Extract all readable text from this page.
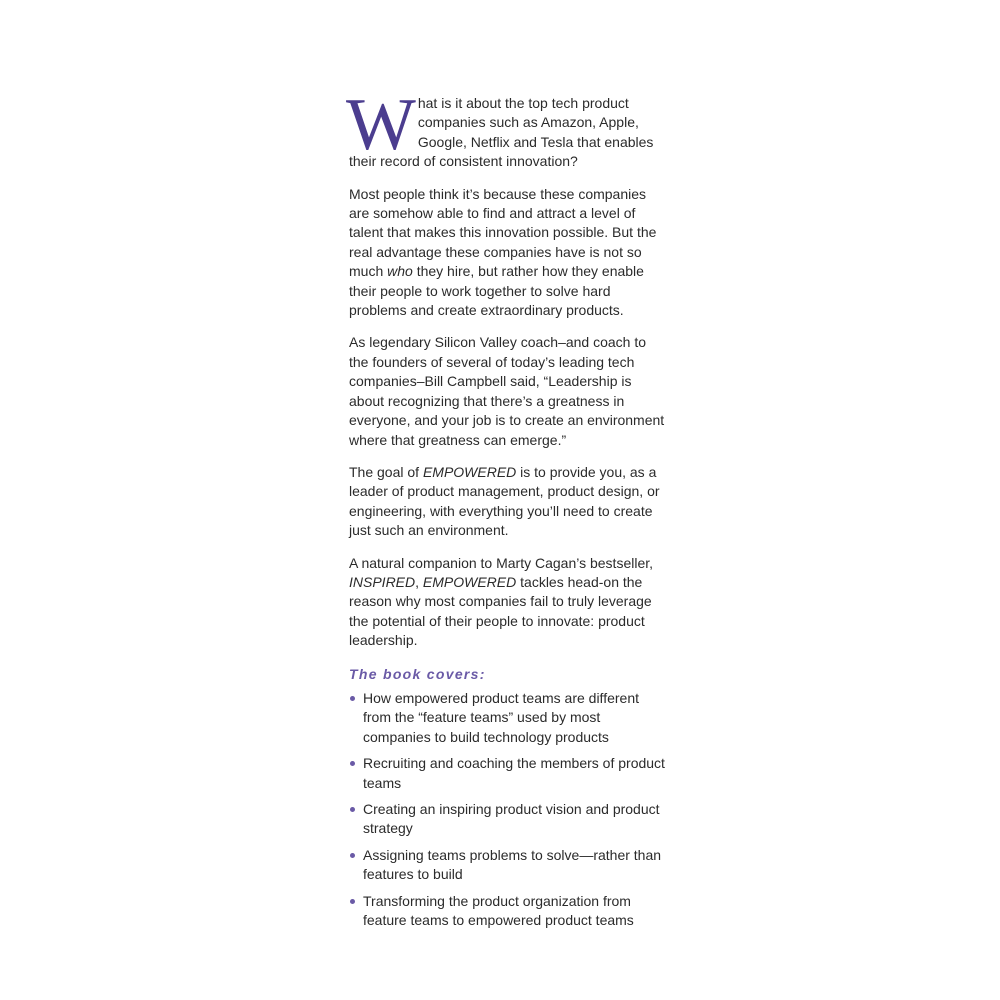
What is it about the top tech product companies such as Amazon, Apple, Google, Netflix and Tesla that enables their record of consistent innovation?

Most people think it’s because these companies are somehow able to find and attract a level of talent that makes this innovation possible. But the real advantage these companies have is not so much who they hire, but rather how they enable their people to work together to solve hard problems and create extraordinary products.

As legendary Silicon Valley coach–and coach to the founders of several of today’s leading tech companies–Bill Campbell said, “Leadership is about recognizing that there’s a greatness in everyone, and your job is to create an environment where that greatness can emerge.”

The goal of EMPOWERED is to provide you, as a leader of product management, product design, or engineering, with everything you’ll need to create just such an environment.

A natural companion to Marty Cagan’s bestseller, INSPIRED, EMPOWERED tackles head-on the reason why most companies fail to truly leverage the potential of their people to innovate: product leadership.

The book covers:
How empowered product teams are different from the “feature teams” used by most companies to build technology products
Recruiting and coaching the members of product teams
Creating an inspiring product vision and product strategy
Assigning teams problems to solve—rather than features to build
Transforming the product organization from feature teams to empowered product teams
